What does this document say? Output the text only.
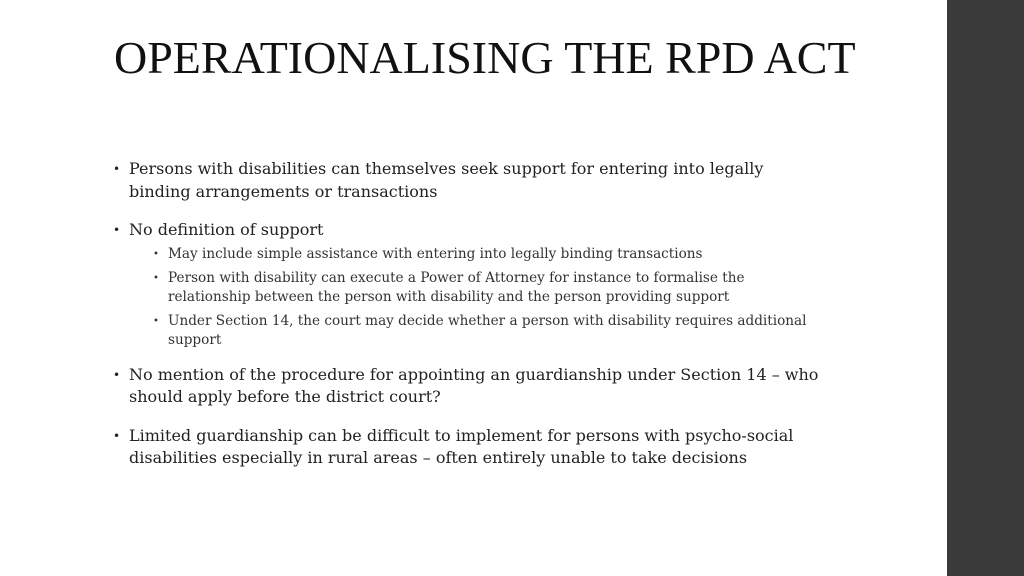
OPERATIONALISING THE RPD ACT
• Persons with disabilities can themselves seek support for entering into legally binding arrangements or transactions
• No definition of support
• May include simple assistance with entering into legally binding transactions
• Person with disability can execute a Power of Attorney for instance to formalise the relationship between the person with disability and the person providing support
• Under Section 14, the court may decide whether a person with disability requires additional support
• No mention of the procedure for appointing an guardianship under Section 14 – who should apply before the district court?
• Limited guardianship can be difficult to implement for persons with psycho-social disabilities especially in rural areas – often entirely unable to take decisions
